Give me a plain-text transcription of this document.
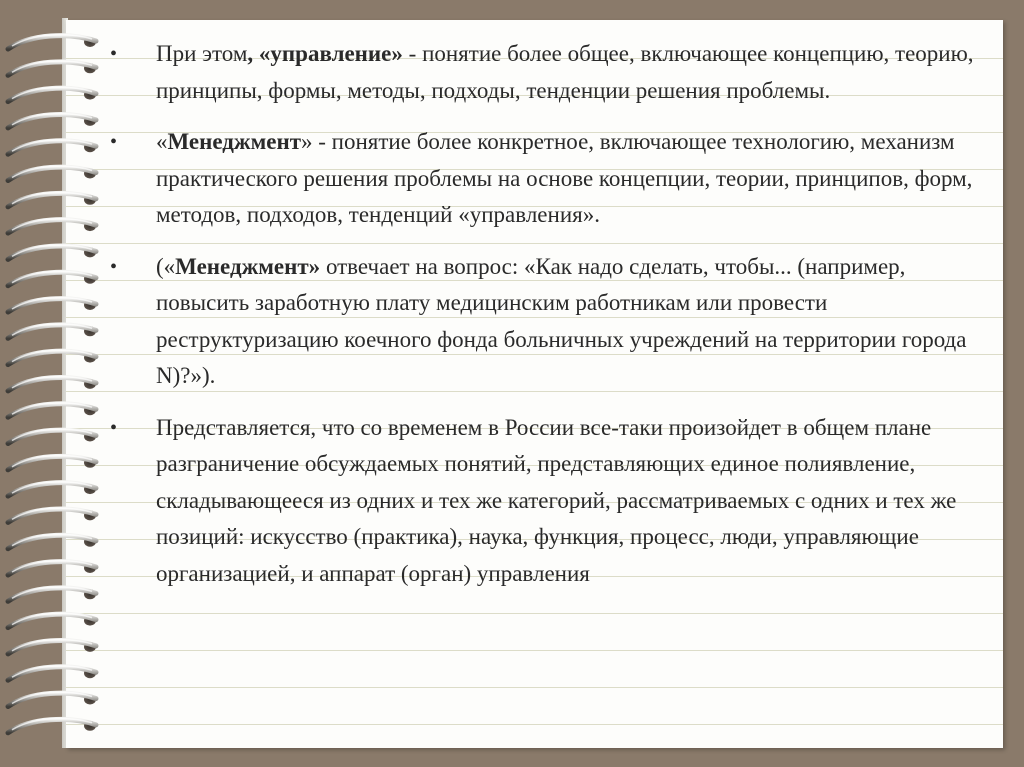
• При этом, «управление» - понятие более общее, включающее концепцию, теорию, принципы, формы, методы, подходы, тенденции решения проблемы.

• «Менеджмент» - понятие более конкретное, включающее технологию, механизм практического решения проблемы на основе концепции, теории, принципов, форм, методов, подходов, тенденций «управления».

• («Менеджмент» отвечает на вопрос: «Как надо сделать, чтобы... (например, повысить заработную плату медицинским работникам или провести реструктуризацию коечного фонда больничных учреждений на территории города N)?»).

• Представляется, что со временем в России все-таки произойдет в общем плане разграничение обсуждаемых понятий, представляющих единое полиявление, складывающееся из одних и тех же категорий, рассматриваемых с одних и тех же позиций: искусство (практика), наука, функция, процесс, люди, управляющие организацией, и аппарат (орган) управления
